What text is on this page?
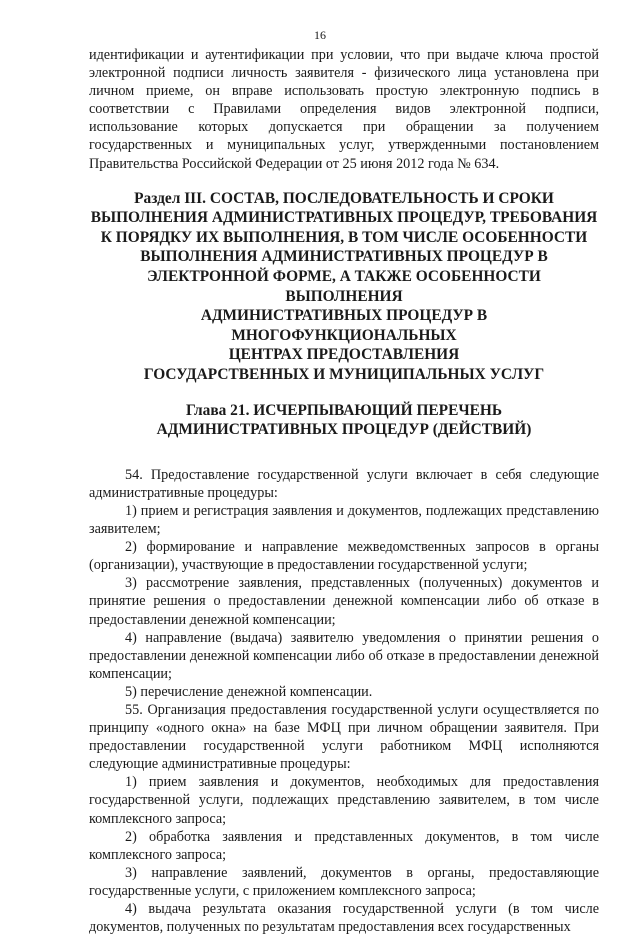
16

идентификации и аутентификации при условии, что при выдаче ключа простой электронной подписи личность заявителя - физического лица установлена при личном приеме, он вправе использовать простую электронную подпись в соответствии с Правилами определения видов электронной подписи, использование которых допускается при обращении за получением государственных и муниципальных услуг, утвержденными постановлением Правительства Российской Федерации от 25 июня 2012 года № 634.

Раздел III. СОСТАВ, ПОСЛЕДОВАТЕЛЬНОСТЬ И СРОКИ
ВЫПОЛНЕНИЯ АДМИНИСТРАТИВНЫХ ПРОЦЕДУР, ТРЕБОВАНИЯ
К ПОРЯДКУ ИХ ВЫПОЛНЕНИЯ, В ТОМ ЧИСЛЕ ОСОБЕННОСТИ
ВЫПОЛНЕНИЯ АДМИНИСТРАТИВНЫХ ПРОЦЕДУР В
ЭЛЕКТРОННОЙ ФОРМЕ, А ТАКЖЕ ОСОБЕННОСТИ ВЫПОЛНЕНИЯ
АДМИНИСТРАТИВНЫХ ПРОЦЕДУР В МНОГОФУНКЦИОНАЛЬНЫХ
ЦЕНТРАХ ПРЕДОСТАВЛЕНИЯ
ГОСУДАРСТВЕННЫХ И МУНИЦИПАЛЬНЫХ УСЛУГ
Глава 21. ИСЧЕРПЫВАЮЩИЙ ПЕРЕЧЕНЬ
АДМИНИСТРАТИВНЫХ ПРОЦЕДУР (ДЕЙСТВИЙ)

54. Предоставление государственной услуги включает в себя следующие административные процедуры:

1) прием и регистрация заявления и документов, подлежащих представлению заявителем;

2) формирование и направление межведомственных запросов в органы (организации), участвующие в предоставлении государственной услуги;

3) рассмотрение заявления, представленных (полученных) документов и принятие решения о предоставлении денежной компенсации либо об отказе в предоставлении денежной компенсации;

4) направление (выдача) заявителю уведомления о принятии решения о предоставлении денежной компенсации либо об отказе в предоставлении денежной компенсации;

5) перечисление денежной компенсации.

55. Организация предоставления государственной услуги осуществляется по принципу «одного окна» на базе МФЦ при личном обращении заявителя. При предоставлении государственной услуги работником МФЦ исполняются следующие административные процедуры:

1) прием заявления и документов, необходимых для предоставления государственной услуги, подлежащих представлению заявителем, в том числе комплексного запроса;

2) обработка заявления и представленных документов, в том числе комплексного запроса;

3) направление заявлений, документов в органы, предоставляющие государственные услуги, с приложением комплексного запроса;

4) выдача результата оказания государственной услуги (в том числе документов, полученных по результатам предоставления всех государственных
